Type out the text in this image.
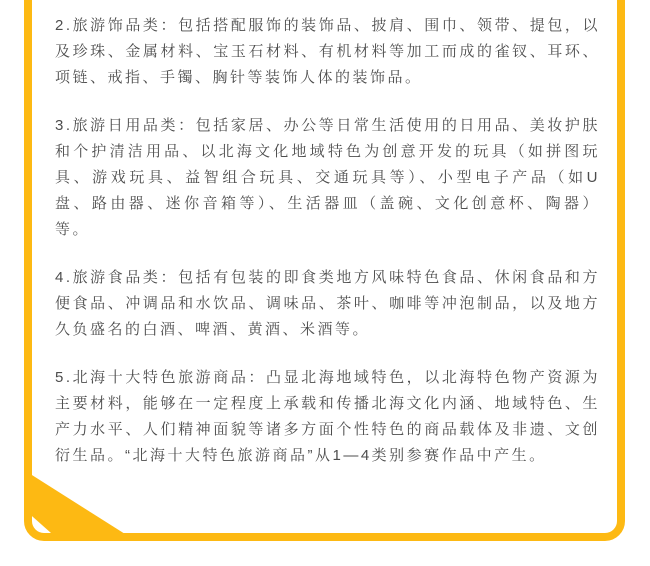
2.旅游饰品类：包括搭配服饰的装饰品、披肩、围巾、领带、提包，以及珍珠、金属材料、宝玉石材料、有机材料等加工而成的雀钗、耳环、项链、戒指、手镯、胸针等装饰人体的装饰品。

3.旅游日用品类：包括家居、办公等日常生活使用的日用品、美妆护肤和个护清洁用品、以北海文化地域特色为创意开发的玩具（如拼图玩具、游戏玩具、益智组合玩具、交通玩具等）、小型电子产品（如U盘、路由器、迷你音箱等）、生活器皿（盖碗、文化创意杯、陶器）等。

4.旅游食品类：包括有包装的即食类地方风味特色食品、休闲食品和方便食品、冲调品和水饮品、调味品、茶叶、咖啡等冲泡制品，以及地方久负盛名的白酒、啤酒、黄酒、米酒等。

5.北海十大特色旅游商品：凸显北海地域特色，以北海特色物产资源为主要材料，能够在一定程度上承载和传播北海文化内涵、地域特色、生产力水平、人们精神面貌等诸多方面个性特色的商品载体及非遗、文创衍生品。“北海十大特色旅游商品”从1—4类别参赛作品中产生。
